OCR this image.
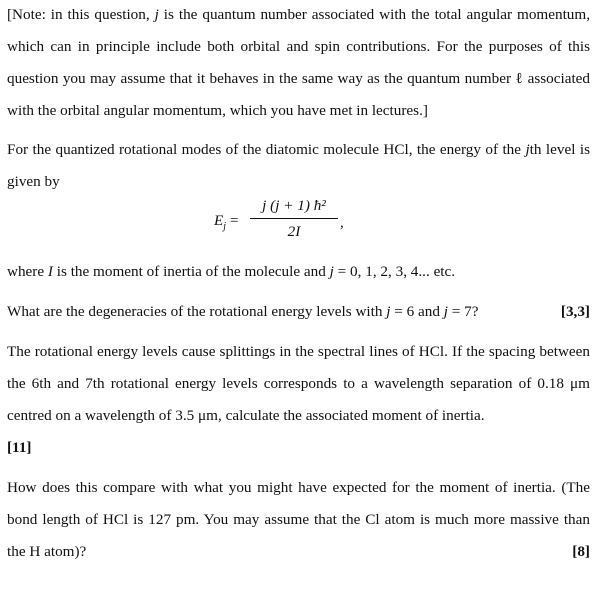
[Note: in this question, j is the quantum number associated with the total angular momentum, which can in principle include both orbital and spin contributions. For the purposes of this question you may assume that it behaves in the same way as the quantum number ℓ associated with the orbital angular momentum, which you have met in lectures.]
For the quantized rotational modes of the diatomic molecule HCl, the energy of the jth level is given by
$E_j$ =
j (j + 1) ħ²
2I
,
where I is the moment of inertia of the molecule and j = 0, 1, 2, 3, 4... etc.
What are the degeneracies of the rotational energy levels with j = 6 and j = 7?	[3,3]
The rotational energy levels cause splittings in the spectral lines of HCl. If the spacing between the 6th and 7th rotational energy levels corresponds to a wavelength separation of 0.18 μm centred on a wavelength of 3.5 μm, calculate the associated moment of inertia.
[11]
How does this compare with what you might have expected for the moment of inertia. (The bond length of HCl is 127 pm. You may assume that the Cl atom is much more massive than the H atom)?	[8]
